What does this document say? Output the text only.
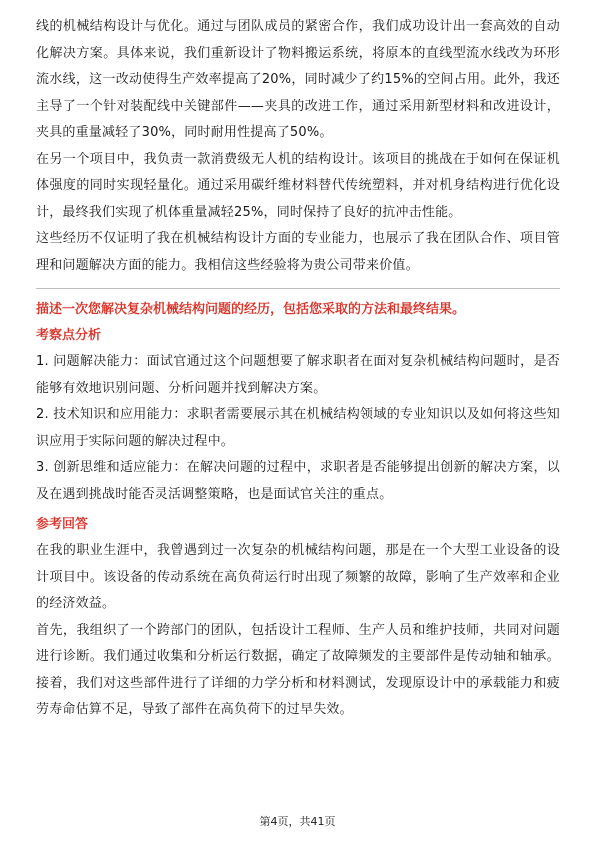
线的机械结构设计与优化。通过与团队成员的紧密合作，我们成功设计出一套高效的自动化解决方案。具体来说，我们重新设计了物料搬运系统，将原本的直线型流水线改为环形流水线，这一改动使得生产效率提高了20%，同时减少了约15%的空间占用。此外，我还主导了一个针对装配线中关键部件——夹具的改进工作，通过采用新型材料和改进设计，夹具的重量减轻了30%，同时耐用性提高了50%。

在另一个项目中，我负责一款消费级无人机的结构设计。该项目的挑战在于如何在保证机体强度的同时实现轻量化。通过采用碳纤维材料替代传统塑料，并对机身结构进行优化设计，最终我们实现了机体重量减轻25%，同时保持了良好的抗冲击性能。

这些经历不仅证明了我在机械结构设计方面的专业能力，也展示了我在团队合作、项目管理和问题解决方面的能力。我相信这些经验将为贵公司带来价值。

描述一次您解决复杂机械结构问题的经历，包括您采取的方法和最终结果。

考察点分析

1. 问题解决能力：面试官通过这个问题想要了解求职者在面对复杂机械结构问题时，是否能够有效地识别问题、分析问题并找到解决方案。

2. 技术知识和应用能力：求职者需要展示其在机械结构领域的专业知识以及如何将这些知识应用于实际问题的解决过程中。

3. 创新思维和适应能力：在解决问题的过程中，求职者是否能够提出创新的解决方案，以及在遇到挑战时能否灵活调整策略，也是面试官关注的重点。

参考回答

在我的职业生涯中，我曾遇到过一次复杂的机械结构问题，那是在一个大型工业设备的设计项目中。该设备的传动系统在高负荷运行时出现了频繁的故障，影响了生产效率和企业的经济效益。

首先，我组织了一个跨部门的团队，包括设计工程师、生产人员和维护技师，共同对问题进行诊断。我们通过收集和分析运行数据，确定了故障频发的主要部件是传动轴和轴承。接着，我们对这些部件进行了详细的力学分析和材料测试，发现原设计中的承载能力和疲劳寿命估算不足，导致了部件在高负荷下的过早失效。

第4页，共41页
